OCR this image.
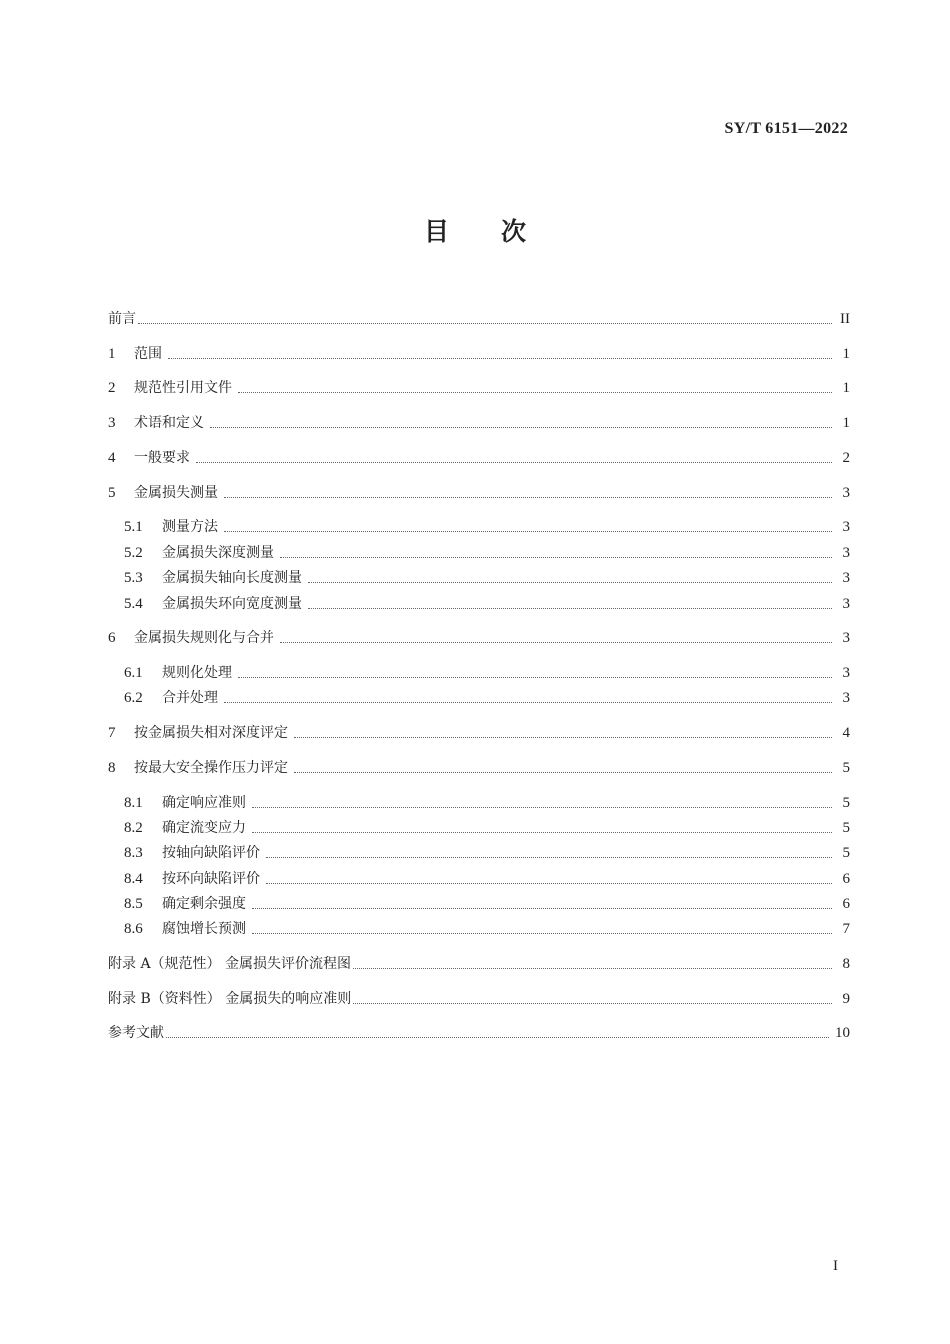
SY/T 6151—2022
目 次
前言	II
1	范围	1
2	规范性引用文件	1
3	术语和定义	1
4	一般要求	2
5	金属损失测量	3
5.1	测量方法	3
5.2	金属损失深度测量	3
5.3	金属损失轴向长度测量	3
5.4	金属损失环向宽度测量	3
6	金属损失规则化与合并	3
6.1	规则化处理	3
6.2	合并处理	3
7	按金属损失相对深度评定	4
8	按最大安全操作压力评定	5
8.1	确定响应准则	5
8.2	确定流变应力	5
8.3	按轴向缺陷评价	5
8.4	按环向缺陷评价	6
8.5	确定剩余强度	6
8.6	腐蚀增长预测	7
附录 A（规范性） 金属损失评价流程图	8
附录 B（资料性） 金属损失的响应准则	9
参考文献	10
I
